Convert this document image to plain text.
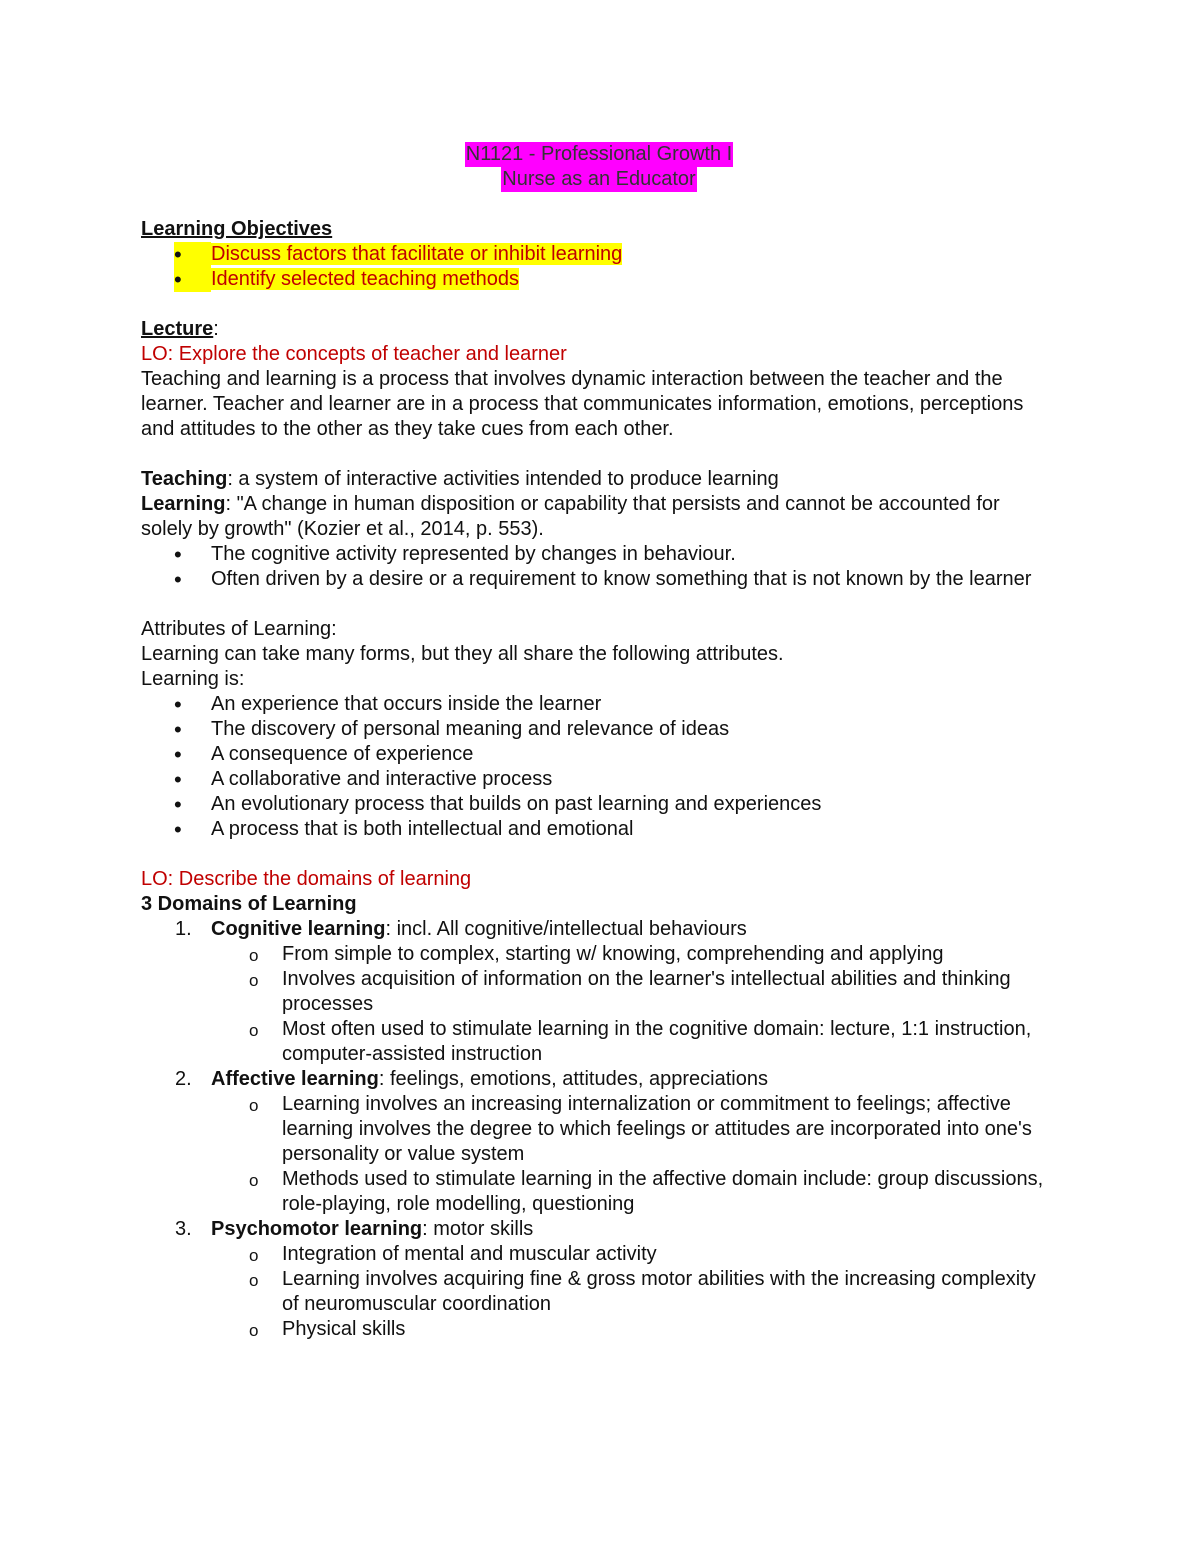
N1121 - Professional Growth I
Nurse as an Educator
Learning Objectives
•	Discuss factors that facilitate or inhibit learning
•	Identify selected teaching methods
Lecture:
LO: Explore the concepts of teacher and learner
Teaching and learning is a process that involves dynamic interaction between the teacher and the learner. Teacher and learner are in a process that communicates information, emotions, perceptions and attitudes to the other as they take cues from each other.
Teaching: a system of interactive activities intended to produce learning
Learning: "A change in human disposition or capability that persists and cannot be accounted for solely by growth" (Kozier et al., 2014, p. 553).
• The cognitive activity represented by changes in behaviour.
• Often driven by a desire or a requirement to know something that is not known by the learner
Attributes of Learning:
Learning can take many forms, but they all share the following attributes.
Learning is:
• An experience that occurs inside the learner
• The discovery of personal meaning and relevance of ideas
• A consequence of experience
• A collaborative and interactive process
• An evolutionary process that builds on past learning and experiences
• A process that is both intellectual and emotional
LO: Describe the domains of learning
3 Domains of Learning
1. Cognitive learning: incl. All cognitive/intellectual behaviours
o From simple to complex, starting w/ knowing, comprehending and applying
o Involves acquisition of information on the learner's intellectual abilities and thinking processes
o Most often used to stimulate learning in the cognitive domain: lecture, 1:1 instruction, computer-assisted instruction
2. Affective learning: feelings, emotions, attitudes, appreciations
o Learning involves an increasing internalization or commitment to feelings; affective learning involves the degree to which feelings or attitudes are incorporated into one's personality or value system
o Methods used to stimulate learning in the affective domain include: group discussions, role-playing, role modelling, questioning
3. Psychomotor learning: motor skills
o Integration of mental and muscular activity
o Learning involves acquiring fine & gross motor abilities with the increasing complexity of neuromuscular coordination
o Physical skills
